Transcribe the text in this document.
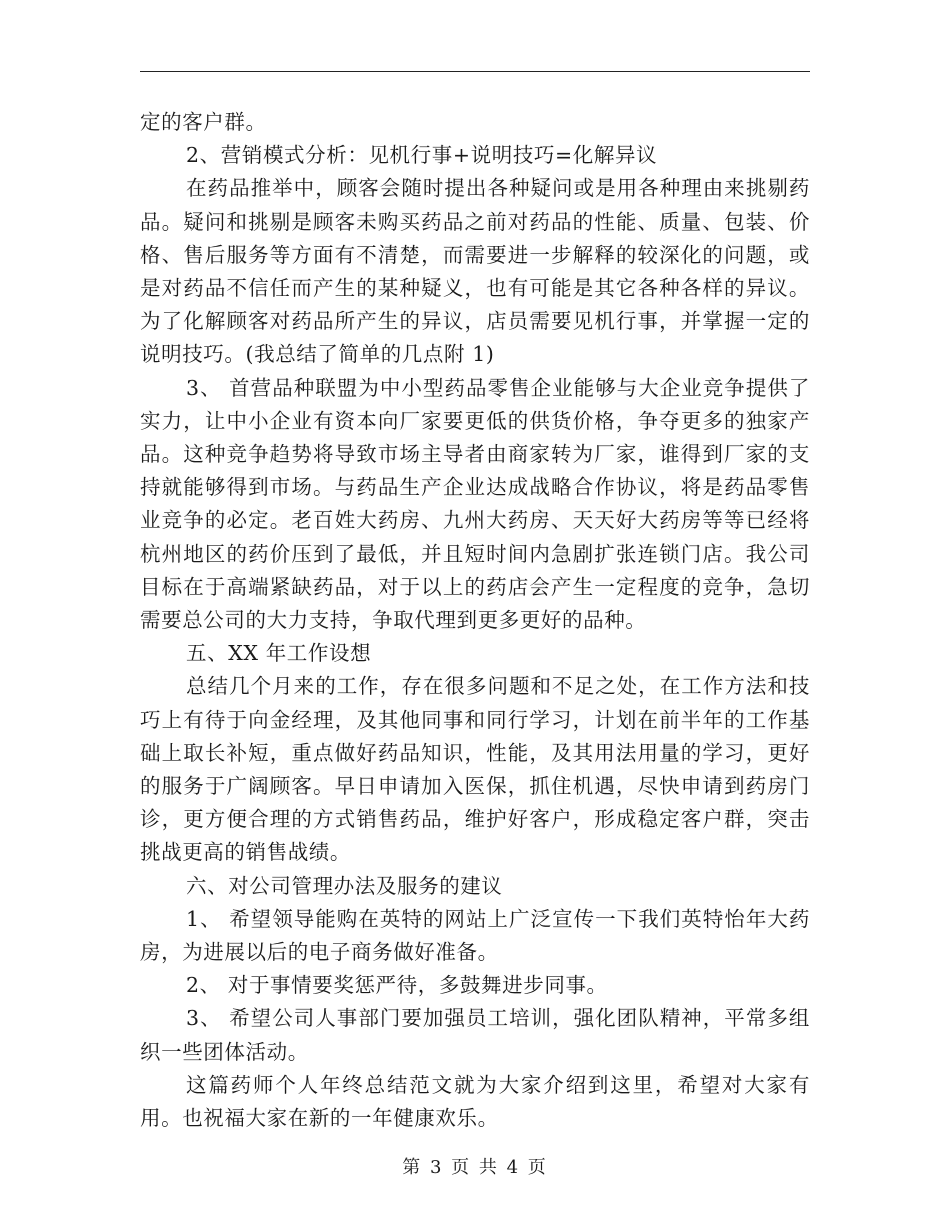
定的客户群。

2、营销模式分析：见机行事+说明技巧=化解异议

在药品推举中，顾客会随时提出各种疑问或是用各种理由来挑剔药品。疑问和挑剔是顾客未购买药品之前对药品的性能、质量、包装、价格、售后服务等方面有不清楚，而需要进一步解释的较深化的问题，或是对药品不信任而产生的某种疑义，也有可能是其它各种各样的异议。为了化解顾客对药品所产生的异议，店员需要见机行事，并掌握一定的说明技巧。(我总结了简单的几点附 1)

3、 首营品种联盟为中小型药品零售企业能够与大企业竞争提供了实力，让中小企业有资本向厂家要更低的供货价格，争夺更多的独家产品。这种竞争趋势将导致市场主导者由商家转为厂家，谁得到厂家的支持就能够得到市场。与药品生产企业达成战略合作协议，将是药品零售业竞争的必定。老百姓大药房、九州大药房、天天好大药房等等已经将杭州地区的药价压到了最低，并且短时间内急剧扩张连锁门店。我公司目标在于高端紧缺药品，对于以上的药店会产生一定程度的竞争，急切需要总公司的大力支持，争取代理到更多更好的品种。

五、XX 年工作设想

总结几个月来的工作，存在很多问题和不足之处，在工作方法和技巧上有待于向金经理，及其他同事和同行学习，计划在前半年的工作基础上取长补短，重点做好药品知识，性能，及其用法用量的学习，更好的服务于广阔顾客。早日申请加入医保，抓住机遇，尽快申请到药房门诊，更方便合理的方式销售药品，维护好客户，形成稳定客户群，突击挑战更高的销售战绩。

六、对公司管理办法及服务的建议

1、 希望领导能购在英特的网站上广泛宣传一下我们英特怡年大药房，为进展以后的电子商务做好准备。

2、 对于事情要奖惩严待，多鼓舞进步同事。

3、 希望公司人事部门要加强员工培训，强化团队精神，平常多组织一些团体活动。

这篇药师个人年终总结范文就为大家介绍到这里，希望对大家有用。也祝福大家在新的一年健康欢乐。

第 3 页 共 4 页
